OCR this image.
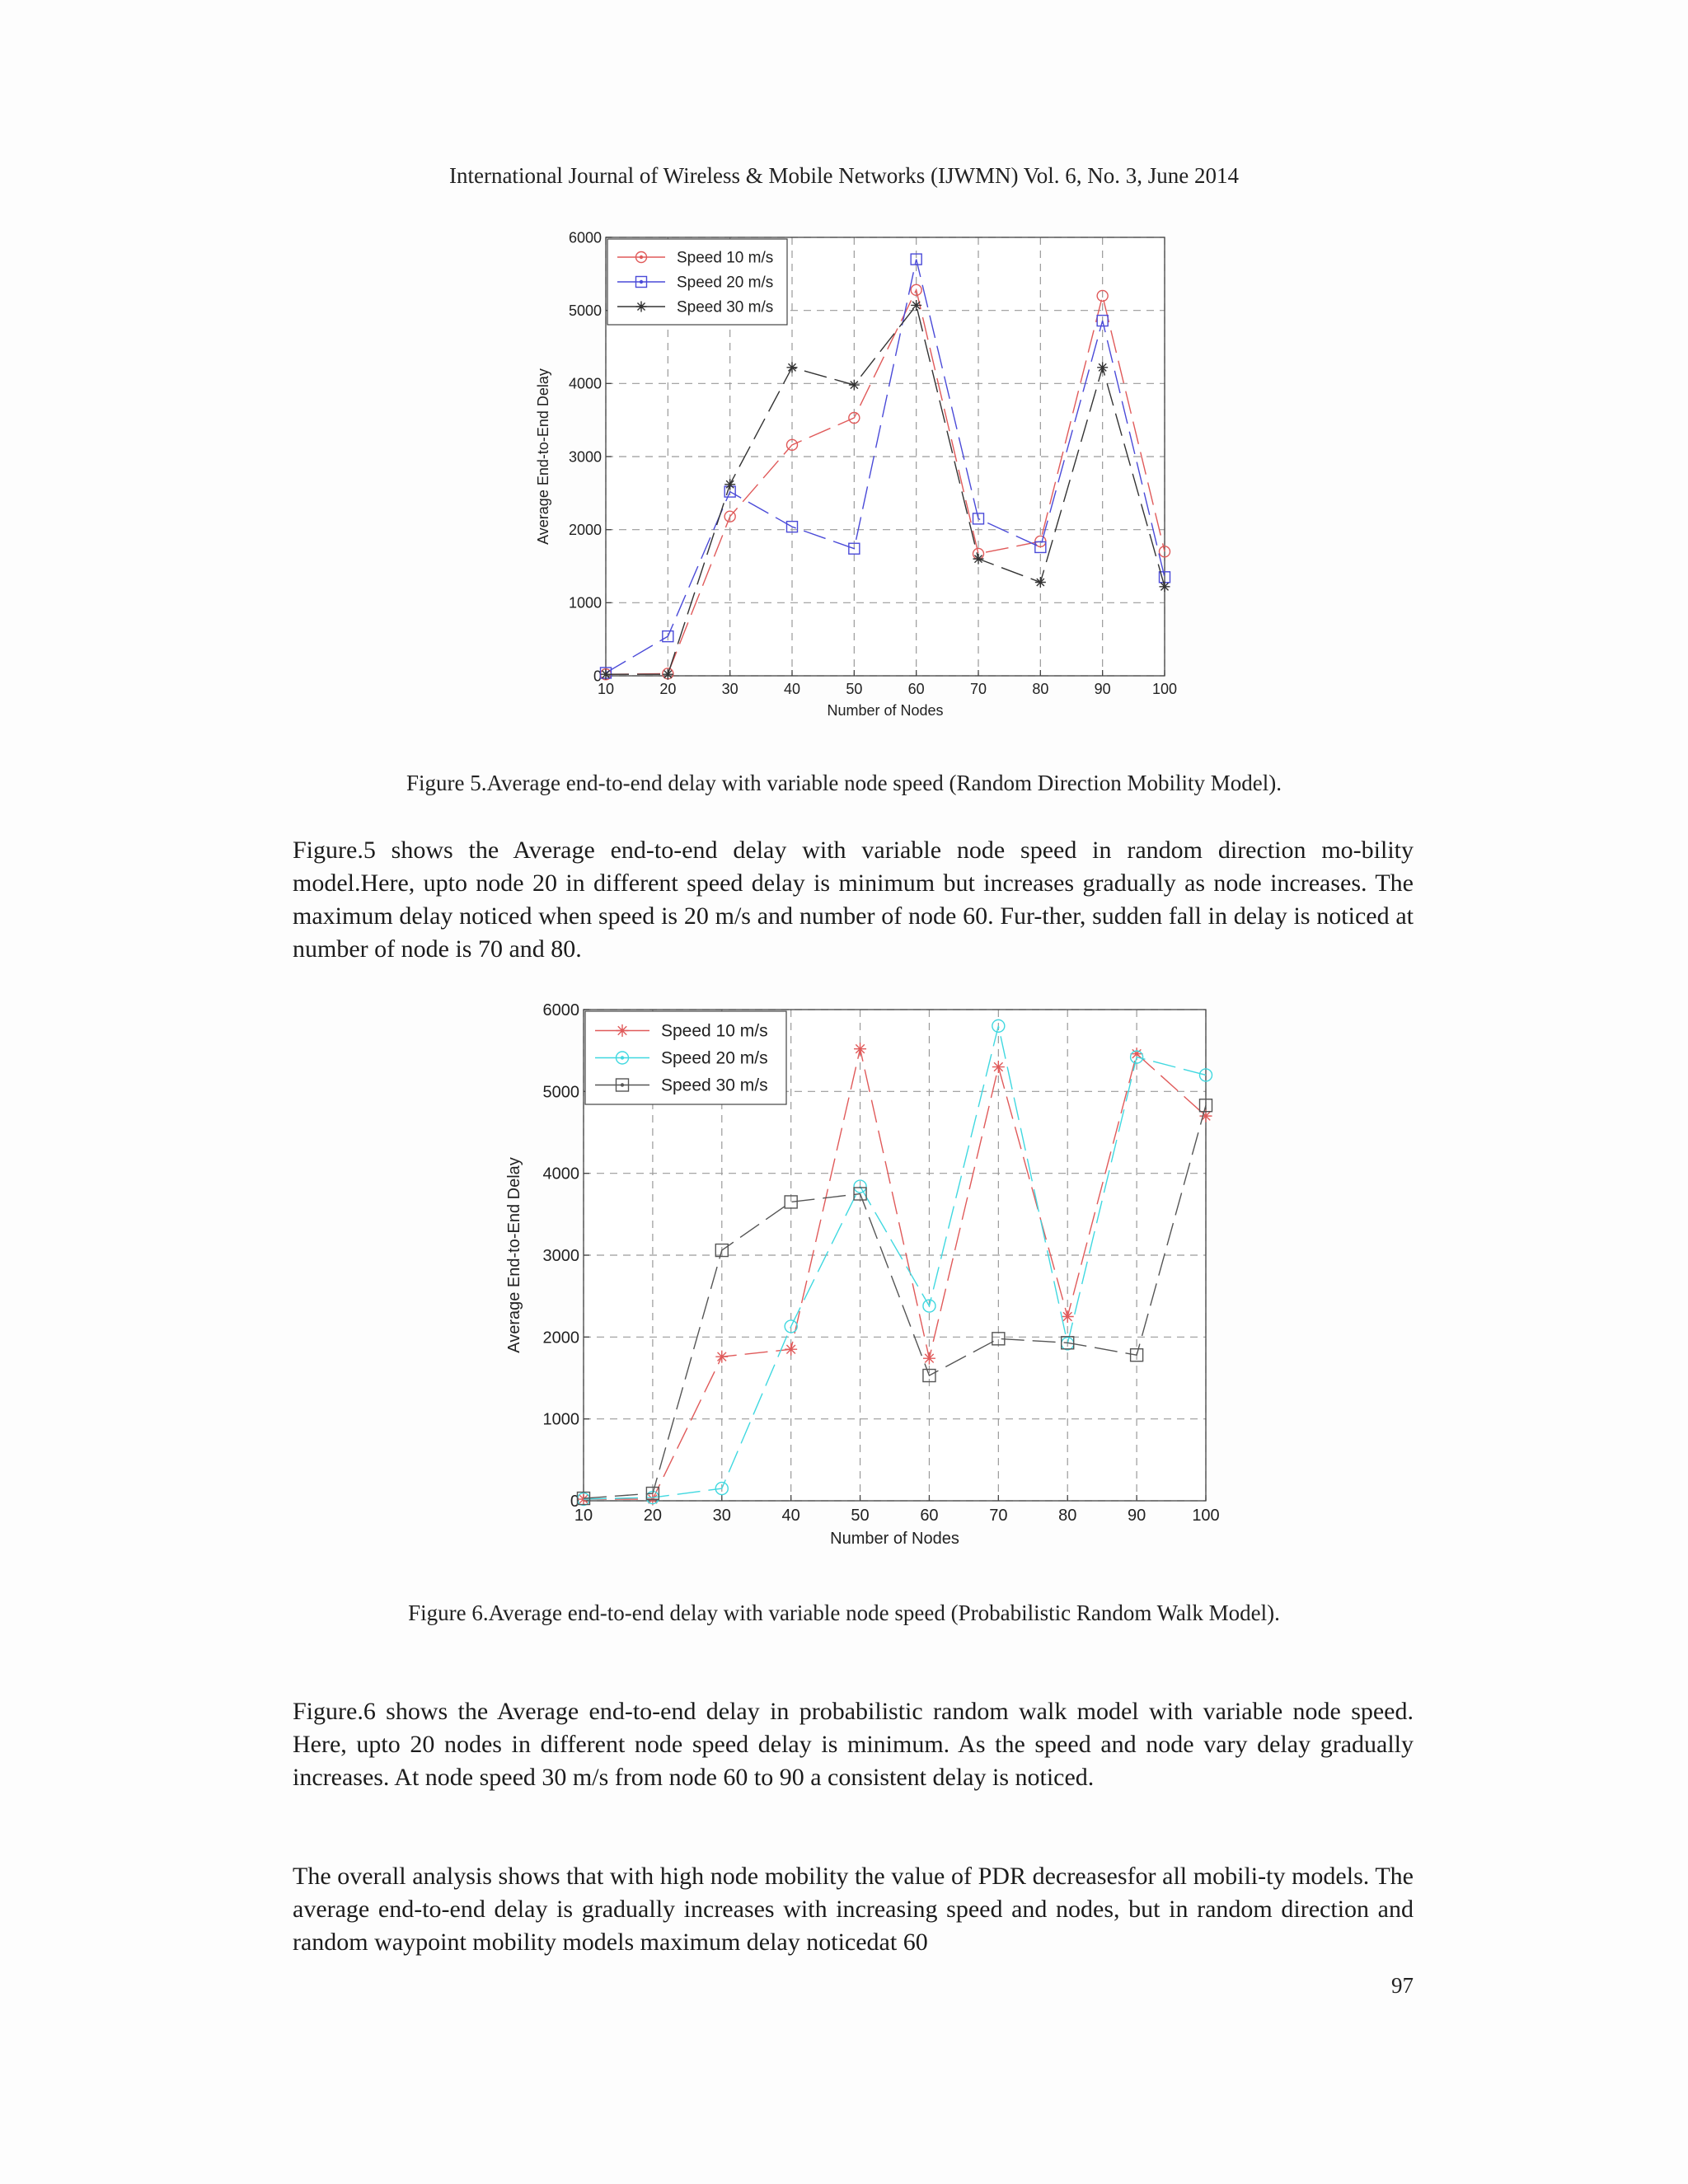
International Journal of Wireless & Mobile Networks (IJWMN) Vol. 6, No. 3, June 2014
10	20	30	40	50	60	70	80	90	100
0
1000
2000
3000
4000
5000
6000
Number of Nodes
Average End-to-End Delay
Speed 10 m/s
Speed 20 m/s
Speed 30 m/s
Figure 5.Average end-to-end delay with variable node speed (Random Direction Mobility Model).

Figure.5 shows the Average end-to-end delay with variable node speed in random direction mo-bility model.Here, upto node 20 in different speed delay is minimum but increases gradually as node increases. The maximum delay noticed when speed is 20 m/s and number of node 60. Fur-ther, sudden fall in delay is noticed at number of node is 70 and 80.

10	20	30	40	50	60	70	80	90	100
0
1000
2000
3000
4000
5000
6000
Number of Nodes
Average End-to-End Delay
Speed 10 m/s
Speed 20 m/s
Speed 30 m/s
Figure 6.Average end-to-end delay with variable node speed (Probabilistic Random Walk Model).

Figure.6 shows the Average end-to-end delay in probabilistic random walk model with variable node speed. Here, upto 20 nodes in different node speed delay is minimum. As the speed and node vary delay gradually increases. At node speed 30 m/s from node 60 to 90 a consistent delay is noticed.

The overall analysis shows that with high node mobility the value of PDR decreasesfor all mobili-ty models. The average end-to-end delay is gradually increases with increasing speed and nodes, but in random direction and random waypoint mobility models maximum delay noticedat 60

97
